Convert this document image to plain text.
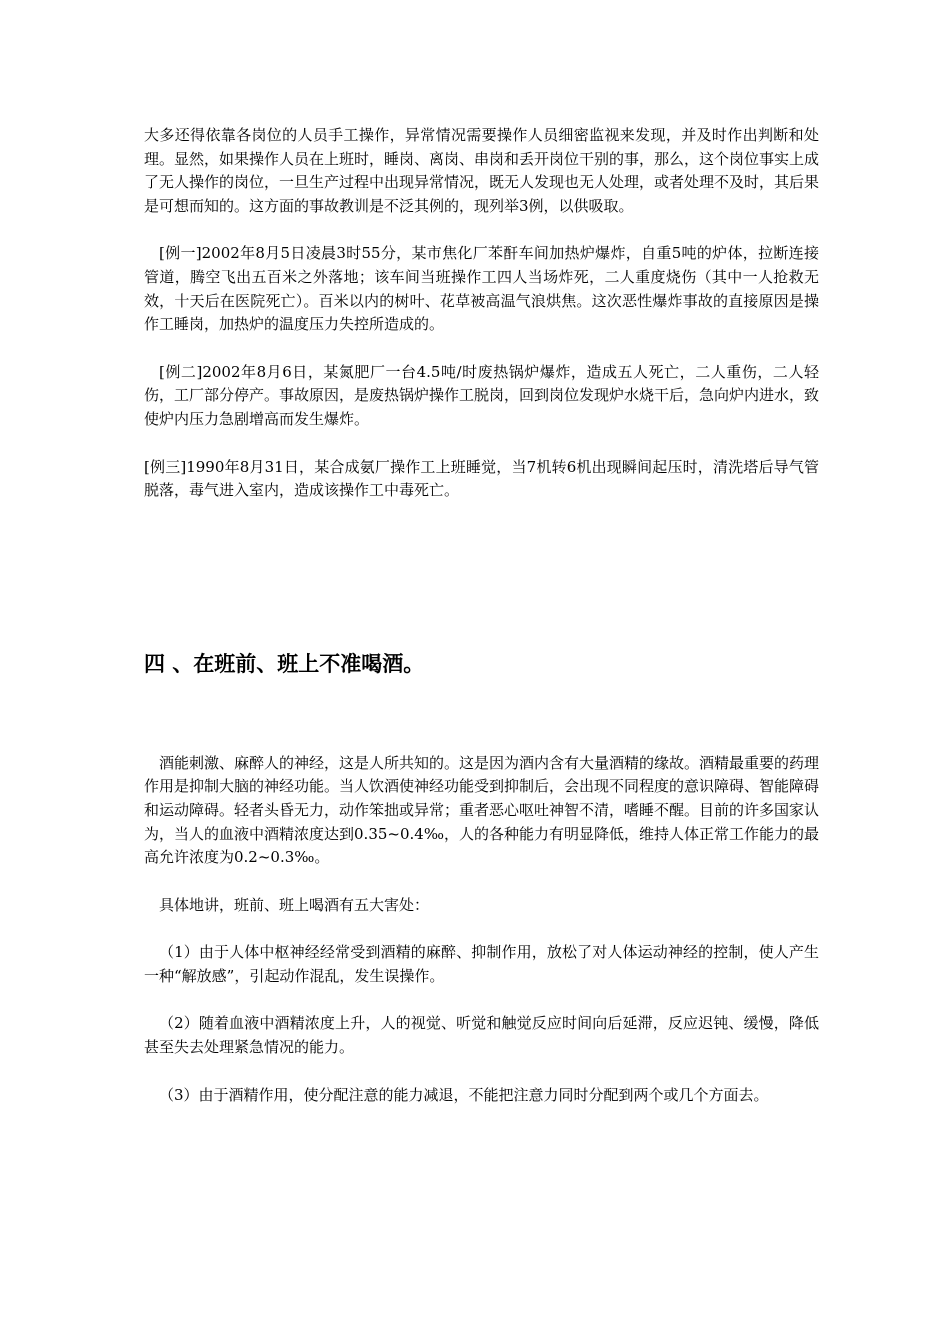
大多还得依靠各岗位的人员手工操作，异常情况需要操作人员细密监视来发现，并及时作出判断和处理。显然，如果操作人员在上班时，睡岗、离岗、串岗和丢开岗位干别的事，那么，这个岗位事实上成了无人操作的岗位，一旦生产过程中出现异常情况，既无人发现也无人处理，或者处理不及时，其后果是可想而知的。这方面的事故教训是不泛其例的，现列举3例，以供吸取。

[例一]2002年8月5日凌晨3时55分，某市焦化厂苯酐车间加热炉爆炸，自重5吨的炉体，拉断连接管道，腾空飞出五百米之外落地；该车间当班操作工四人当场炸死，二人重度烧伤（其中一人抢救无效，十天后在医院死亡）。百米以内的树叶、花草被高温气浪烘焦。这次恶性爆炸事故的直接原因是操作工睡岗，加热炉的温度压力失控所造成的。

[例二]2002年8月6日，某氮肥厂一台4.5吨/时废热锅炉爆炸，造成五人死亡，二人重伤，二人轻伤，工厂部分停产。事故原因，是废热锅炉操作工脱岗，回到岗位发现炉水烧干后，急向炉内进水，致使炉内压力急剧增高而发生爆炸。

[例三]1990年8月31日，某合成氨厂操作工上班睡觉，当7机转6机出现瞬间起压时，清洗塔后导气管脱落，毒气进入室内，造成该操作工中毒死亡。

四 、在班前、班上不准喝酒。

酒能刺激、麻醉人的神经，这是人所共知的。这是因为酒内含有大量酒精的缘故。酒精最重要的药理作用是抑制大脑的神经功能。当人饮酒使神经功能受到抑制后，会出现不同程度的意识障碍、智能障碍和运动障碍。轻者头昏无力，动作笨拙或异常；重者恶心呕吐神智不清，嗜睡不醒。目前的许多国家认为，当人的血液中酒精浓度达到0.35~0.4‰，人的各种能力有明显降低，维持人体正常工作能力的最高允许浓度为0.2~0.3‰。

具体地讲，班前、班上喝酒有五大害处：

（1）由于人体中枢神经经常受到酒精的麻醉、抑制作用，放松了对人体运动神经的控制，使人产生一种“解放感”，引起动作混乱，发生误操作。

（2）随着血液中酒精浓度上升，人的视觉、听觉和触觉反应时间向后延滞，反应迟钝、缓慢，降低甚至失去处理紧急情况的能力。

（3）由于酒精作用，使分配注意的能力减退，不能把注意力同时分配到两个或几个方面去。
